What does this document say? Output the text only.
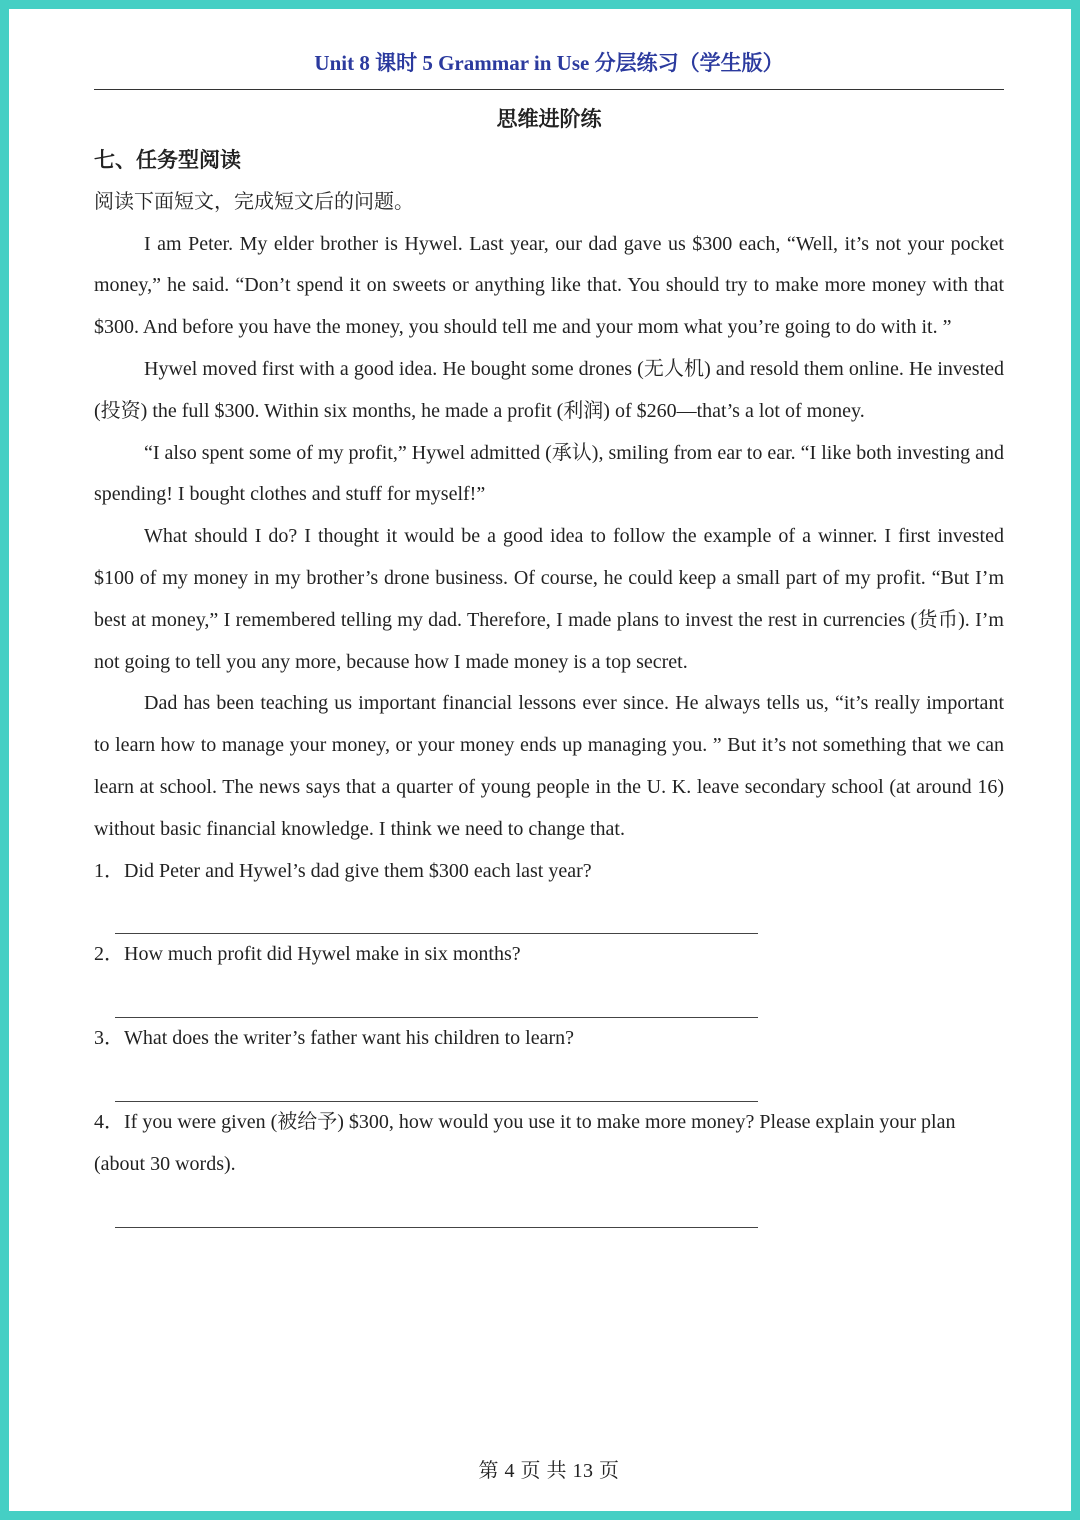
Unit 8 课时 5 Grammar in Use 分层练习（学生版）
思维进阶练
七、任务型阅读
阅读下面短文，完成短文后的问题。

I am Peter. My elder brother is Hywel. Last year, our dad gave us $300 each, “Well, it’s not your pocket money,” he said. “Don’t spend it on sweets or anything like that. You should try to make more money with that $300. And before you have the money, you should tell me and your mom what you’re going to do with it. ”

Hywel moved first with a good idea. He bought some drones (无人机) and resold them online. He invested (投资) the full $300. Within six months, he made a profit (利润) of $260—that’s a lot of money.

“I also spent some of my profit,” Hywel admitted (承认), smiling from ear to ear. “I like both investing and spending! I bought clothes and stuff for myself!”

What should I do? I thought it would be a good idea to follow the example of a winner. I first invested $100 of my money in my brother’s drone business. Of course, he could keep a small part of my profit. “But I’m best at money,” I remembered telling my dad. Therefore, I made plans to invest the rest in currencies (货币). I’m not going to tell you any more, because how I made money is a top secret.

Dad has been teaching us important financial lessons ever since. He always tells us, “it’s really important to learn how to manage your money, or your money ends up managing you. ” But it’s not something that we can learn at school. The news says that a quarter of young people in the U. K. leave secondary school (at around 16) without basic financial knowledge. I think we need to change that.

1．Did Peter and Hywel’s dad give them $300 each last year?

2．How much profit did Hywel make in six months?

3．What does the writer’s father want his children to learn?

4．If you were given (被给予) $300, how would you use it to make more money? Please explain your plan (about 30 words).

第 4 页 共 13 页
